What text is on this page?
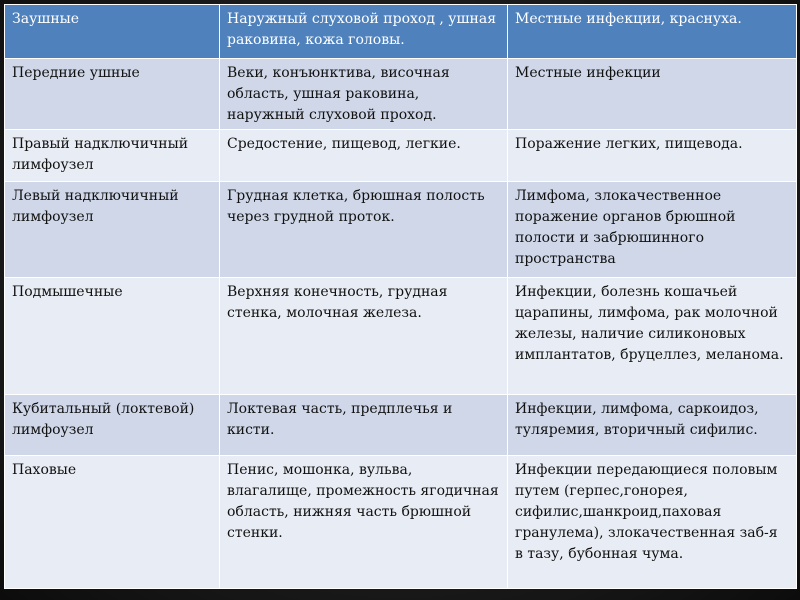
Заушные	Наружный слуховой проход , ушная раковина, кожа головы.	Местные инфекции, краснуха.
Передние ушные	Веки, конъюнктива, височная область, ушная раковина, наружный слуховой проход.	Местные инфекции
Правый надключичный лимфоузел	Средостение, пищевод, легкие.	Поражение легких, пищевода.
Левый надключичный лимфоузел	Грудная клетка, брюшная полость через грудной проток.	Лимфома, злокачественное поражение органов брюшной полости и забрюшинного пространства
Подмышечные	Верхняя конечность, грудная стенка, молочная железа.	Инфекции, болезнь кошачьей царапины, лимфома, рак молочной железы, наличие силиконовых имплантатов, бруцеллез, меланома.
Кубитальный (локтевой) лимфоузел	Локтевая часть, предплечья и кисти.	Инфекции, лимфома, саркоидоз, туляремия, вторичный сифилис.
Паховые	Пенис, мошонка, вульва, влагалище, промежность ягодичная область, нижняя часть брюшной стенки.	Инфекции передающиеся половым путем (герпес,гонорея, сифилис,шанкроид,паховая гранулема), злокачественная заб-я в тазу, бубонная чума.
